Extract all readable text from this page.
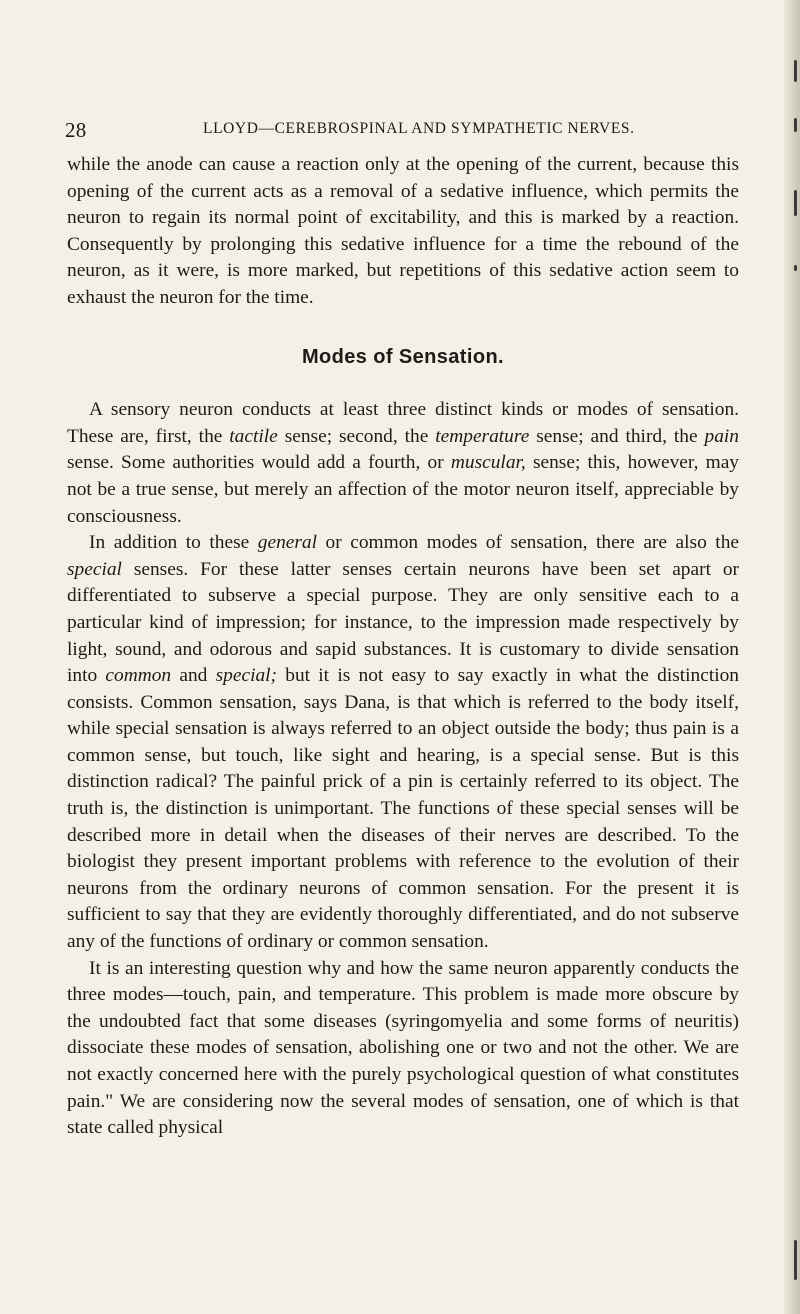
28	LLOYD—CEREBROSPINAL AND SYMPATHETIC NERVES.

while the anode can cause a reaction only at the opening of the current, because this opening of the current acts as a removal of a sedative influence, which permits the neuron to regain its normal point of excitability, and this is marked by a reaction. Consequently by prolonging this sedative influence for a time the rebound of the neuron, as it were, is more marked, but repetitions of this sedative action seem to exhaust the neuron for the time.

Modes of Sensation.

A sensory neuron conducts at least three distinct kinds or modes of sensation. These are, first, the tactile sense; second, the temperature sense; and third, the pain sense. Some authorities would add a fourth, or muscular, sense; this, however, may not be a true sense, but merely an affection of the motor neuron itself, appreciable by consciousness.

In addition to these general or common modes of sensation, there are also the special senses. For these latter senses certain neurons have been set apart or differentiated to subserve a special purpose. They are only sensitive each to a particular kind of impression; for instance, to the impression made respectively by light, sound, and odorous and sapid substances. It is customary to divide sensation into common and special; but it is not easy to say exactly in what the distinction consists. Common sensation, says Dana, is that which is referred to the body itself, while special sensation is always referred to an object outside the body; thus pain is a common sense, but touch, like sight and hearing, is a special sense. But is this distinction radical? The painful prick of a pin is certainly referred to its object. The truth is, the distinction is unimportant. The functions of these special senses will be described more in detail when the diseases of their nerves are described. To the biologist they present important problems with reference to the evolution of their neurons from the ordinary neurons of common sensation. For the present it is sufficient to say that they are evidently thoroughly differentiated, and do not subserve any of the functions of ordinary or common sensation.

It is an interesting question why and how the same neuron apparently conducts the three modes—touch, pain, and temperature. This problem is made more obscure by the undoubted fact that some diseases (syringomyelia and some forms of neuritis) dissociate these modes of sensation, abolishing one or two and not the other. We are not exactly concerned here with the purely psychological question of what constitutes pain." We are considering now the several modes of sensation, one of which is that state called physical
